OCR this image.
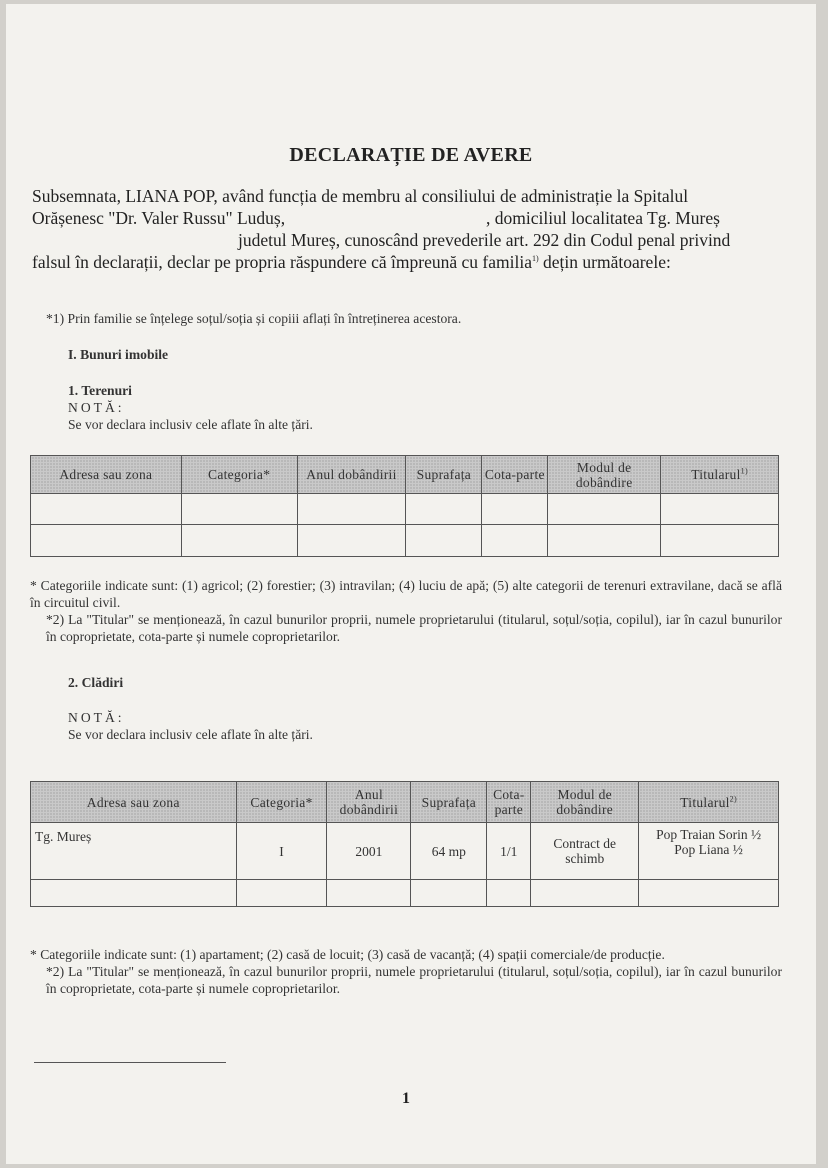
DECLARAȚIE DE AVERE
Subsemnata, LIANA POP, având funcția de membru al consiliului de administrație la Spitalul
Orășenesc "Dr. Valer Russu" Luduș,	, domiciliul localitatea Tg. Mureș
judetul Mureș, cunoscând prevederile art. 292 din Codul penal privind
falsul în declarații, declar pe propria răspundere că împreună cu familia$^{1)}$ dețin următoarele:
*1) Prin familie se înțelege soțul/soția și copiii aflați în întreținerea acestora.
I. Bunuri imobile
1. Terenuri
NOTĂ:
Se vor declara inclusiv cele aflate în alte țări.
Adresa sau zona	Categoria*	Anul dobândirii	Suprafața	Cota-parte	Modul de dobândire	Titularul$^{1)}$

* Categoriile indicate sunt: (1) agricol; (2) forestier; (3) intravilan; (4) luciu de apă; (5) alte categorii de terenuri extravilane, dacă se află în circuitul civil.

*2) La "Titular" se menționează, în cazul bunurilor proprii, numele proprietarului (titularul, soțul/soția, copilul), iar în cazul bunurilor în coproprietate, cota-parte și numele coproprietarilor.

2. Clădiri
NOTĂ:
Se vor declara inclusiv cele aflate în alte țări.
Adresa sau zona	Categoria*	Anul dobândirii	Suprafața	Cota-parte	Modul de dobândire	Titularul$^{2)}$
Tg. Mureș	I	2001	64 mp	1/1	Contract de schimb	Pop Traian Sorin ½ Pop Liana ½

* Categoriile indicate sunt: (1) apartament; (2) casă de locuit; (3) casă de vacanță; (4) spații comerciale/de producție.

*2) La "Titular" se menționează, în cazul bunurilor proprii, numele proprietarului (titularul, soțul/soția, copilul), iar în cazul bunurilor în coproprietate, cota-parte și numele coproprietarilor.

1
